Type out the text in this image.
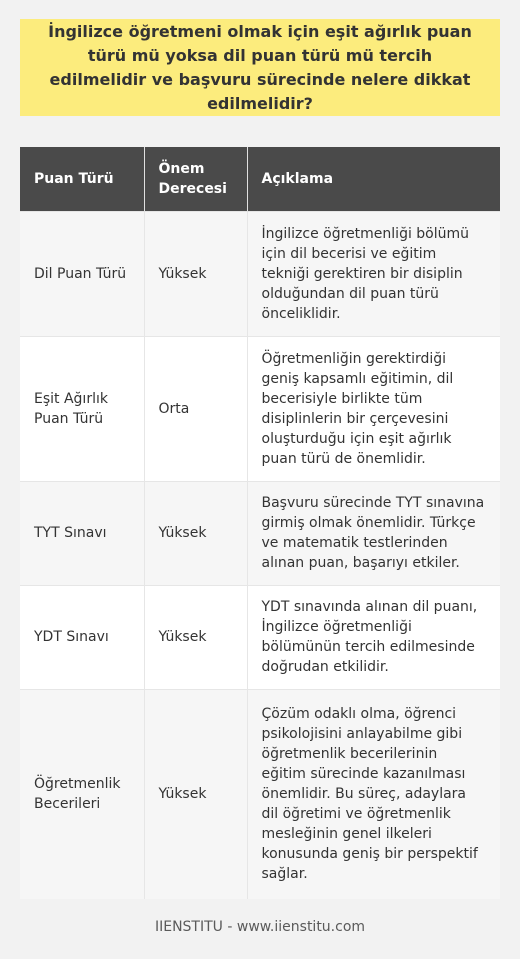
İngilizce öğretmeni olmak için eşit ağırlık puan türü mü yoksa dil puan türü mü tercih edilmelidir ve başvuru sürecinde nelere dikkat edilmelidir?
Puan Türü	Önem Derecesi	Açıklama
Dil Puan Türü	Yüksek	İngilizce öğretmenliği bölümü için dil becerisi ve eğitim tekniği gerektiren bir disiplin olduğundan dil puan türü önceliklidir.
Eşit Ağırlık Puan Türü	Orta	Öğretmenliğin gerektirdiği geniş kapsamlı eğitimin, dil becerisiyle birlikte tüm disiplinlerin bir çerçevesini oluşturduğu için eşit ağırlık puan türü de önemlidir.
TYT Sınavı	Yüksek	Başvuru sürecinde TYT sınavına girmiş olmak önemlidir. Türkçe ve matematik testlerinden alınan puan, başarıyı etkiler.
YDT Sınavı	Yüksek	YDT sınavında alınan dil puanı, İngilizce öğretmenliği bölümünün tercih edilmesinde doğrudan etkilidir.
Öğretmenlik Becerileri	Yüksek	Çözüm odaklı olma, öğrenci psikolojisini anlayabilme gibi öğretmenlik becerilerinin eğitim sürecinde kazanılması önemlidir. Bu süreç, adaylara dil öğretimi ve öğretmenlik mesleğinin genel ilkeleri konusunda geniş bir perspektif sağlar.
IIENSTITU - www.iienstitu.com
